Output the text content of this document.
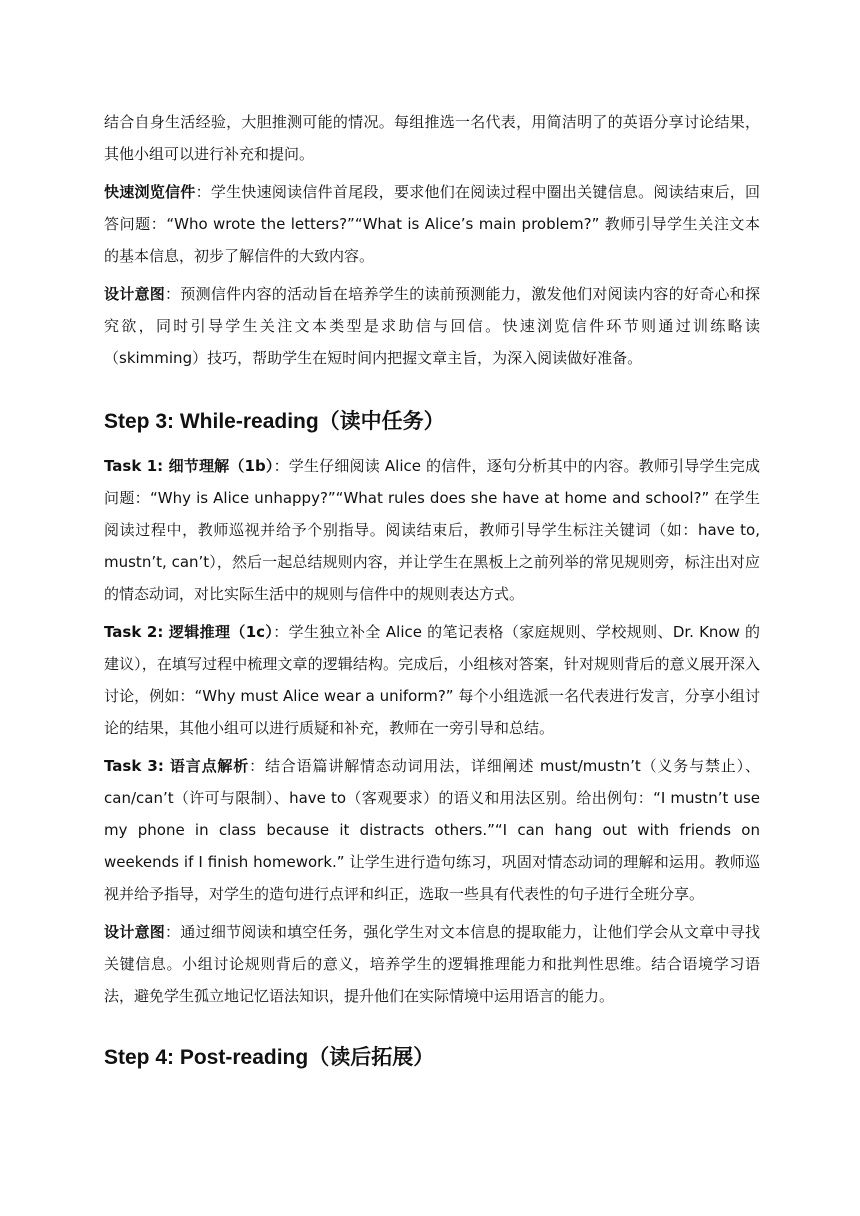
结合自身生活经验，大胆推测可能的情况。每组推选一名代表，用简洁明了的英语分享讨论结果，其他小组可以进行补充和提问。

快速浏览信件：学生快速阅读信件首尾段，要求他们在阅读过程中圈出关键信息。阅读结束后，回答问题：“Who wrote the letters?”“What is Alice’s main problem?” 教师引导学生关注文本的基本信息，初步了解信件的大致内容。

设计意图：预测信件内容的活动旨在培养学生的读前预测能力，激发他们对阅读内容的好奇心和探究欲，同时引导学生关注文本类型是求助信与回信。快速浏览信件环节则通过训练略读（skimming）技巧，帮助学生在短时间内把握文章主旨，为深入阅读做好准备。

Step 3: While-reading（读中任务）

Task 1: 细节理解（1b）：学生仔细阅读 Alice 的信件，逐句分析其中的内容。教师引导学生完成问题：“Why is Alice unhappy?”“What rules does she have at home and school?” 在学生阅读过程中，教师巡视并给予个别指导。阅读结束后，教师引导学生标注关键词（如：have to, mustn’t, can’t），然后一起总结规则内容，并让学生在黑板上之前列举的常见规则旁，标注出对应的情态动词，对比实际生活中的规则与信件中的规则表达方式。

Task 2: 逻辑推理（1c）：学生独立补全 Alice 的笔记表格（家庭规则、学校规则、Dr. Know 的建议），在填写过程中梳理文章的逻辑结构。完成后，小组核对答案，针对规则背后的意义展开深入讨论，例如：“Why must Alice wear a uniform?” 每个小组选派一名代表进行发言，分享小组讨论的结果，其他小组可以进行质疑和补充，教师在一旁引导和总结。

Task 3: 语言点解析：结合语篇讲解情态动词用法，详细阐述 must/mustn’t（义务与禁止）、can/can’t（许可与限制）、have to（客观要求）的语义和用法区别。给出例句：“I mustn’t use my phone in class because it distracts others.”“I can hang out with friends on weekends if I finish homework.” 让学生进行造句练习，巩固对情态动词的理解和运用。教师巡视并给予指导，对学生的造句进行点评和纠正，选取一些具有代表性的句子进行全班分享。

设计意图：通过细节阅读和填空任务，强化学生对文本信息的提取能力，让他们学会从文章中寻找关键信息。小组讨论规则背后的意义，培养学生的逻辑推理能力和批判性思维。结合语境学习语法，避免学生孤立地记忆语法知识，提升他们在实际情境中运用语言的能力。

Step 4: Post-reading（读后拓展）
